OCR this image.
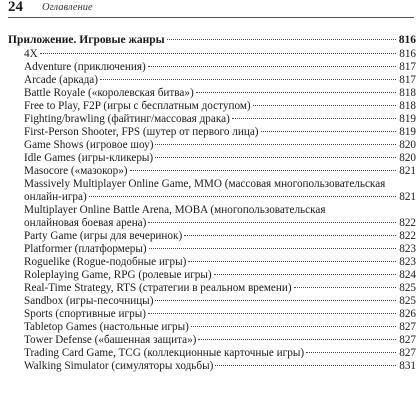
24 Оглавление
Приложение. Игровые жанры	816
4X	816
Adventure (приключения)	817
Arcade (аркада)	817
Battle Royale («королевская битва»)	818
Free to Play, F2P (игры с бесплатным доступом)	818
Fighting/brawling (файтинг/массовая драка)	819
First-Person Shooter, FPS (шутер от первого лица)	819
Game Shows (игровое шоу)	820
Idle Games (игры-кликеры)	820
Masocore («мазокор»)	821
Massively Multiplayer Online Game, MMO (массовая многопользовательская
онлайн-игра)	821
Multiplayer Online Battle Arena, MOBA (многопользовательская
онлайновая боевая арена)	822
Party Game (игры для вечеринок)	822
Platformer (платформеры)	823
Roguelike (Rogue-подобные игры)	823
Roleplaying Game, RPG (ролевые игры)	824
Real-Time Strategy, RTS (стратегии в реальном времени)	825
Sandbox (игры-песочницы)	825
Sports (спортивные игры)	826
Tabletop Games (настольные игры)	827
Tower Defense («башенная защита»)	827
Trading Card Game, TCG (коллекционные карточные игры)	827
Walking Simulator (симуляторы ходьбы)	831
